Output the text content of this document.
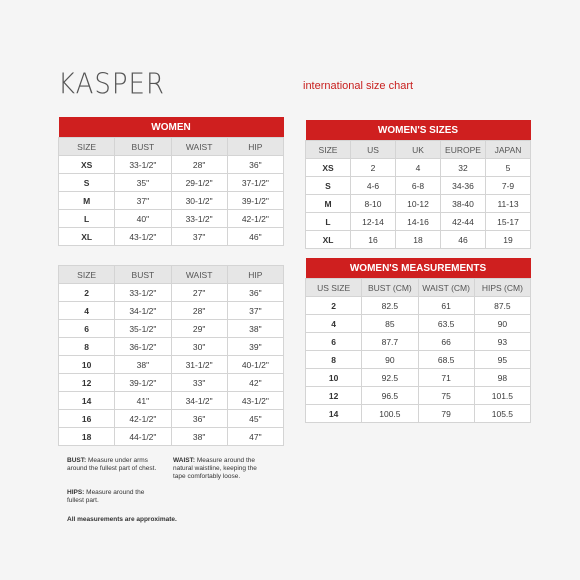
KASPER	international size chart
WOMEN			
SIZE	BUST	WAIST	HIP
XS	33-1/2"	28"	36"
S	35"	29-1/2"	37-1/2"
M	37"	30-1/2"	39-1/2"
L	40"	33-1/2"	42-1/2"
XL	43-1/2"	37"	46"
SIZE	BUST	WAIST	HIP
2	33-1/2"	27"	36"
4	34-1/2"	28"	37"
6	35-1/2"	29"	38"
8	36-1/2"	30"	39"
10	38"	31-1/2"	40-1/2"
12	39-1/2"	33"	42"
14	41"	34-1/2"	43-1/2"
16	42-1/2"	36"	45"
18	44-1/2"	38"	47"
WOMEN'S SIZES				
SIZE	US	UK	EUROPE	JAPAN
XS	2	4	32	5
S	4-6	6-8	34-36	7-9
M	8-10	10-12	38-40	11-13
L	12-14	14-16	42-44	15-17
XL	16	18	46	19
WOMEN'S MEASUREMENTS			
US SIZE	BUST (CM)	WAIST (CM)	HIPS (CM)
2	82.5	61	87.5
4	85	63.5	90
6	87.7	66	93
8	90	68.5	95
10	92.5	71	98
12	96.5	75	101.5
14	100.5	79	105.5
BUST: Measure under arms around the fullest part of chest.
WAIST: Measure around the natural waistline, keeping the tape comfortably loose.
HIPS: Measure around the fullest part.
All measurements are approximate.
